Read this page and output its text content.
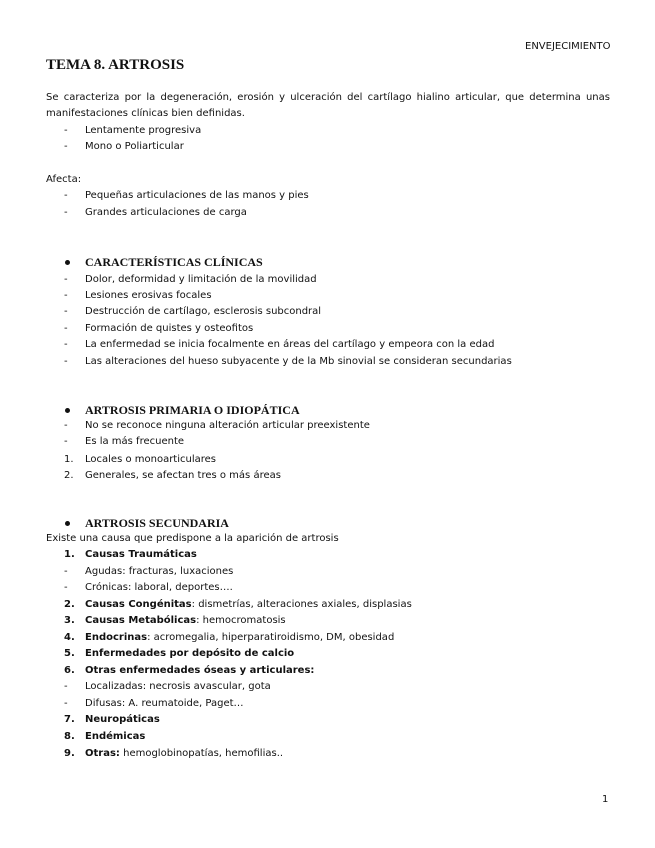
ENVEJECIMIENTO
TEMA 8. ARTROSIS
Se caracteriza por la degeneración, erosión y ulceración del cartílago hialino articular, que determina unas
manifestaciones clínicas bien definidas.
- Lentamente progresiva
- Mono o Poliarticular
Afecta:
- Pequeñas articulaciones de las manos y pies
- Grandes articulaciones de carga
CARACTERÍSTICAS CLÍNICAS
- Dolor, deformidad y limitación de la movilidad
- Lesiones erosivas focales
- Destrucción de cartílago, esclerosis subcondral
- Formación de quistes y osteofitos
- La enfermedad se inicia focalmente en áreas del cartílago y empeora con la edad
- Las alteraciones del hueso subyacente y de la Mb sinovial se consideran secundarias
ARTROSIS PRIMARIA O IDIOPÁTICA
- No se reconoce ninguna alteración articular preexistente
- Es la más frecuente
1. Locales o monoarticulares
2. Generales, se afectan tres o más áreas
ARTROSIS SECUNDARIA
Existe una causa que predispone a la aparición de artrosis
1. Causas Traumáticas
- Agudas: fracturas, luxaciones
- Crónicas: laboral, deportes….
2. Causas Congénitas: dismetrías, alteraciones axiales, displasias
3. Causas Metabólicas: hemocromatosis
4. Endocrinas: acromegalia, hiperparatiroidismo, DM, obesidad
5. Enfermedades por depósito de calcio
6. Otras enfermedades óseas y articulares:
- Localizadas: necrosis avascular, gota
- Difusas: A. reumatoide, Paget…
7. Neuropáticas
8. Endémicas
9. Otras: hemoglobinopatías, hemofilias..
1
